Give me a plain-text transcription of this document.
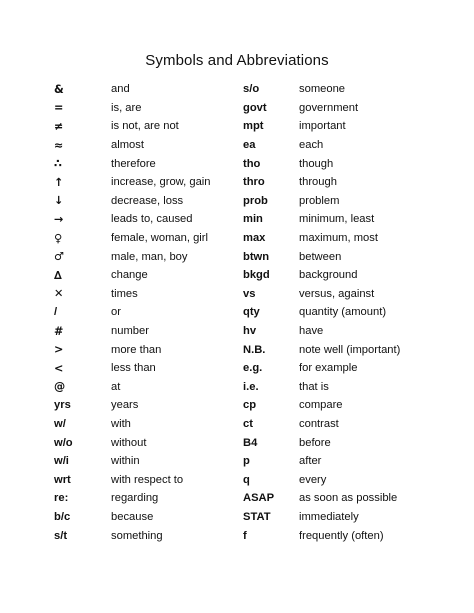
Symbols and Abbreviations
&	and
=	is, are
≠	is not, are not
≈	almost
∴	therefore
↑	increase, grow, gain
↓	decrease, loss
→	leads to, caused
♀	female, woman, girl
♂	male, man, boy
∆	change
✕	times
/	or
#	number
>	more than
<	less than
@	at
yrs	years
w/	with
w/o	without
w/i	within
wrt	with respect to
re:	regarding
b/c	because
s/t	something
s/o	someone
govt	government
mpt	important
ea	each
tho	though
thro	through
prob	problem
min	minimum, least
max	maximum, most
btwn	between
bkgd	background
vs	versus, against
qty	quantity (amount)
hv	have
N.B.	note well (important)
e.g.	for example
i.e.	that is
cp	compare
ct	contrast
B4	before
p	after
q	every
ASAP	as soon as possible
STAT	immediately
f	frequently (often)
